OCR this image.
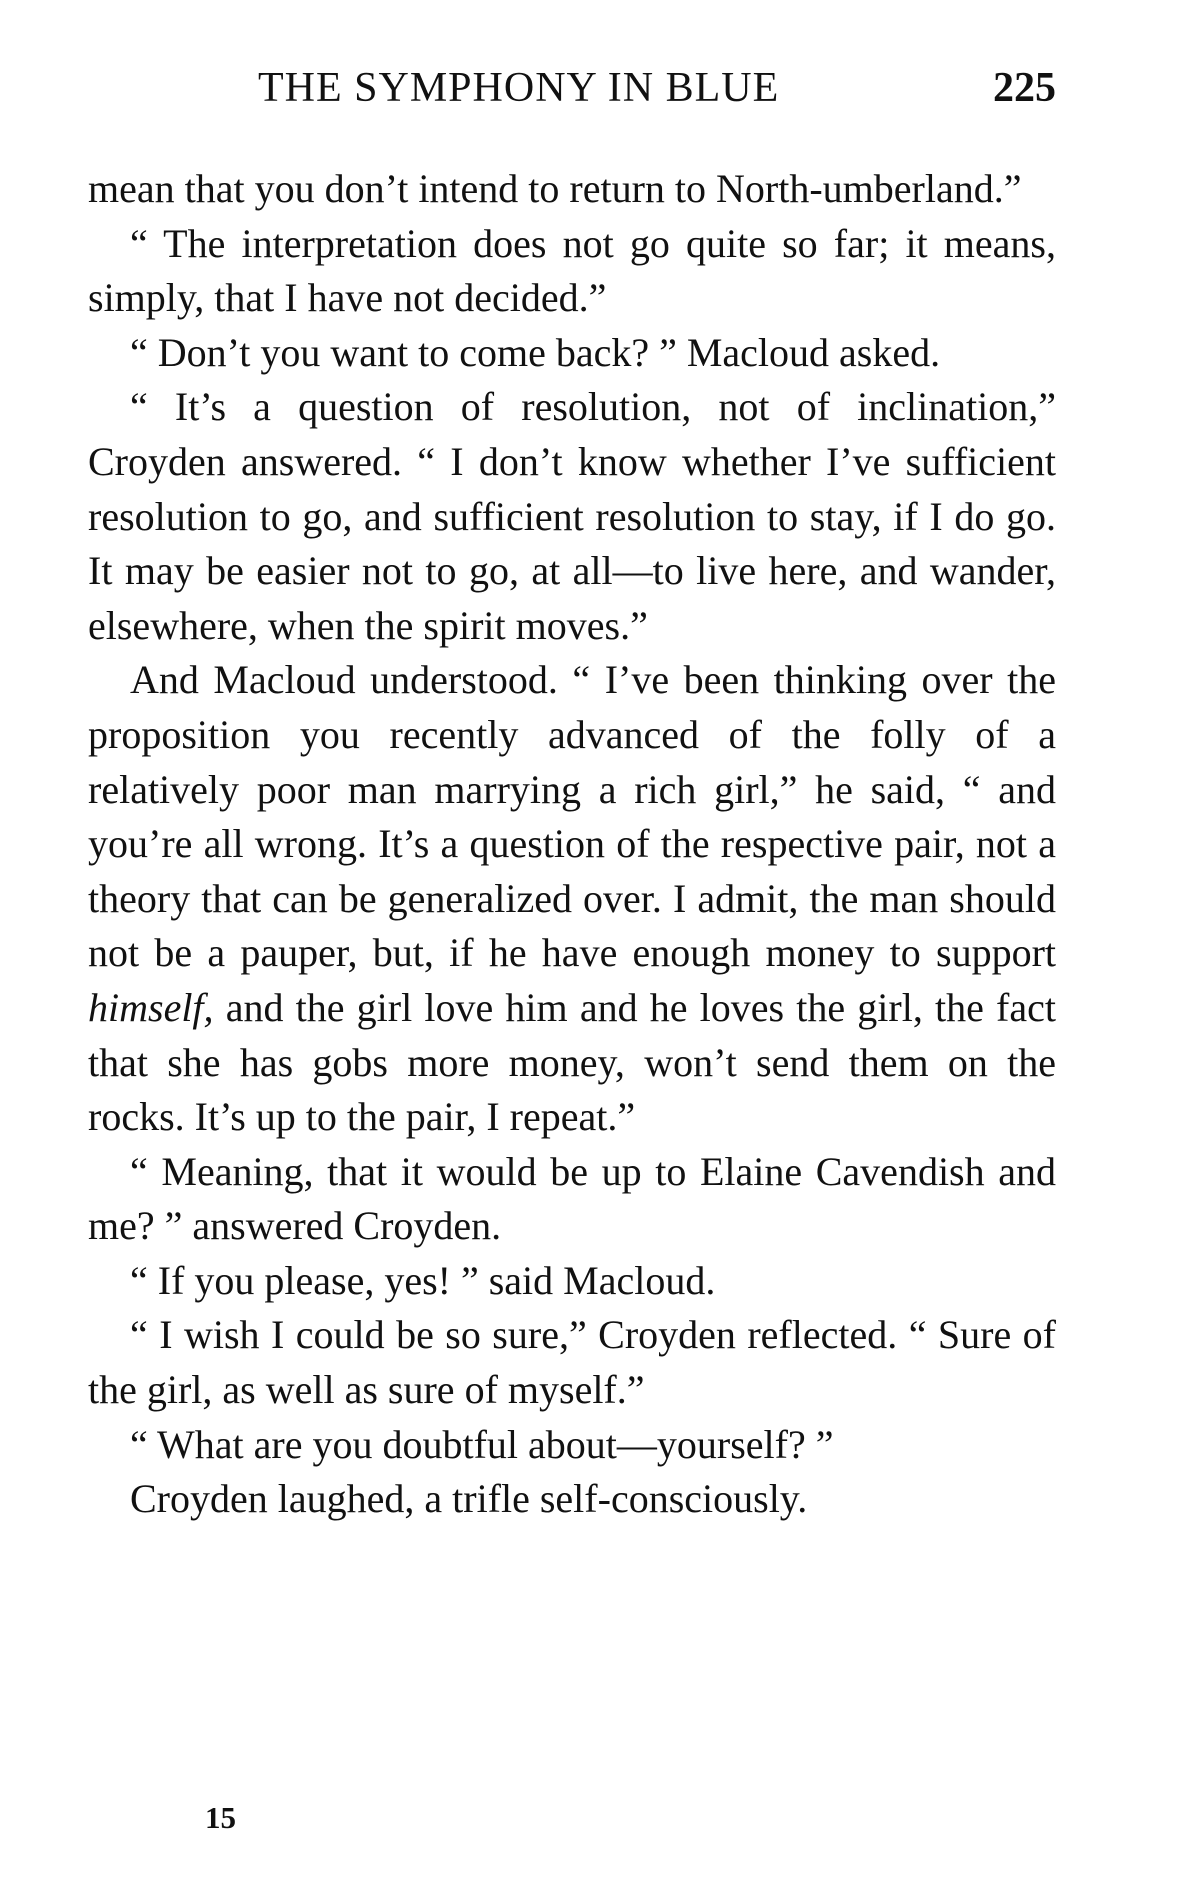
THE SYMPHONY IN BLUE	225

mean that you don’t intend to return to North-umberland.”

“ The interpretation does not go quite so far; it means, simply, that I have not decided.”

“ Don’t you want to come back? ” Macloud asked.

“ It’s a question of resolution, not of inclination,” Croyden answered. “ I don’t know whether I’ve sufficient resolution to go, and sufficient resolution to stay, if I do go. It may be easier not to go, at all—to live here, and wander, elsewhere, when the spirit moves.”

And Macloud understood. “ I’ve been thinking over the proposition you recently advanced of the folly of a relatively poor man marrying a rich girl,” he said, “ and you’re all wrong. It’s a question of the respective pair, not a theory that can be generalized over. I admit, the man should not be a pauper, but, if he have enough money to support himself, and the girl love him and he loves the girl, the fact that she has gobs more money, won’t send them on the rocks. It’s up to the pair, I repeat.”

“ Meaning, that it would be up to Elaine Cavendish and me? ” answered Croyden.

“ If you please, yes! ” said Macloud.

“ I wish I could be so sure,” Croyden reflected. “ Sure of the girl, as well as sure of myself.”

“ What are you doubtful about—yourself? ”

Croyden laughed, a trifle self-consciously.

15
